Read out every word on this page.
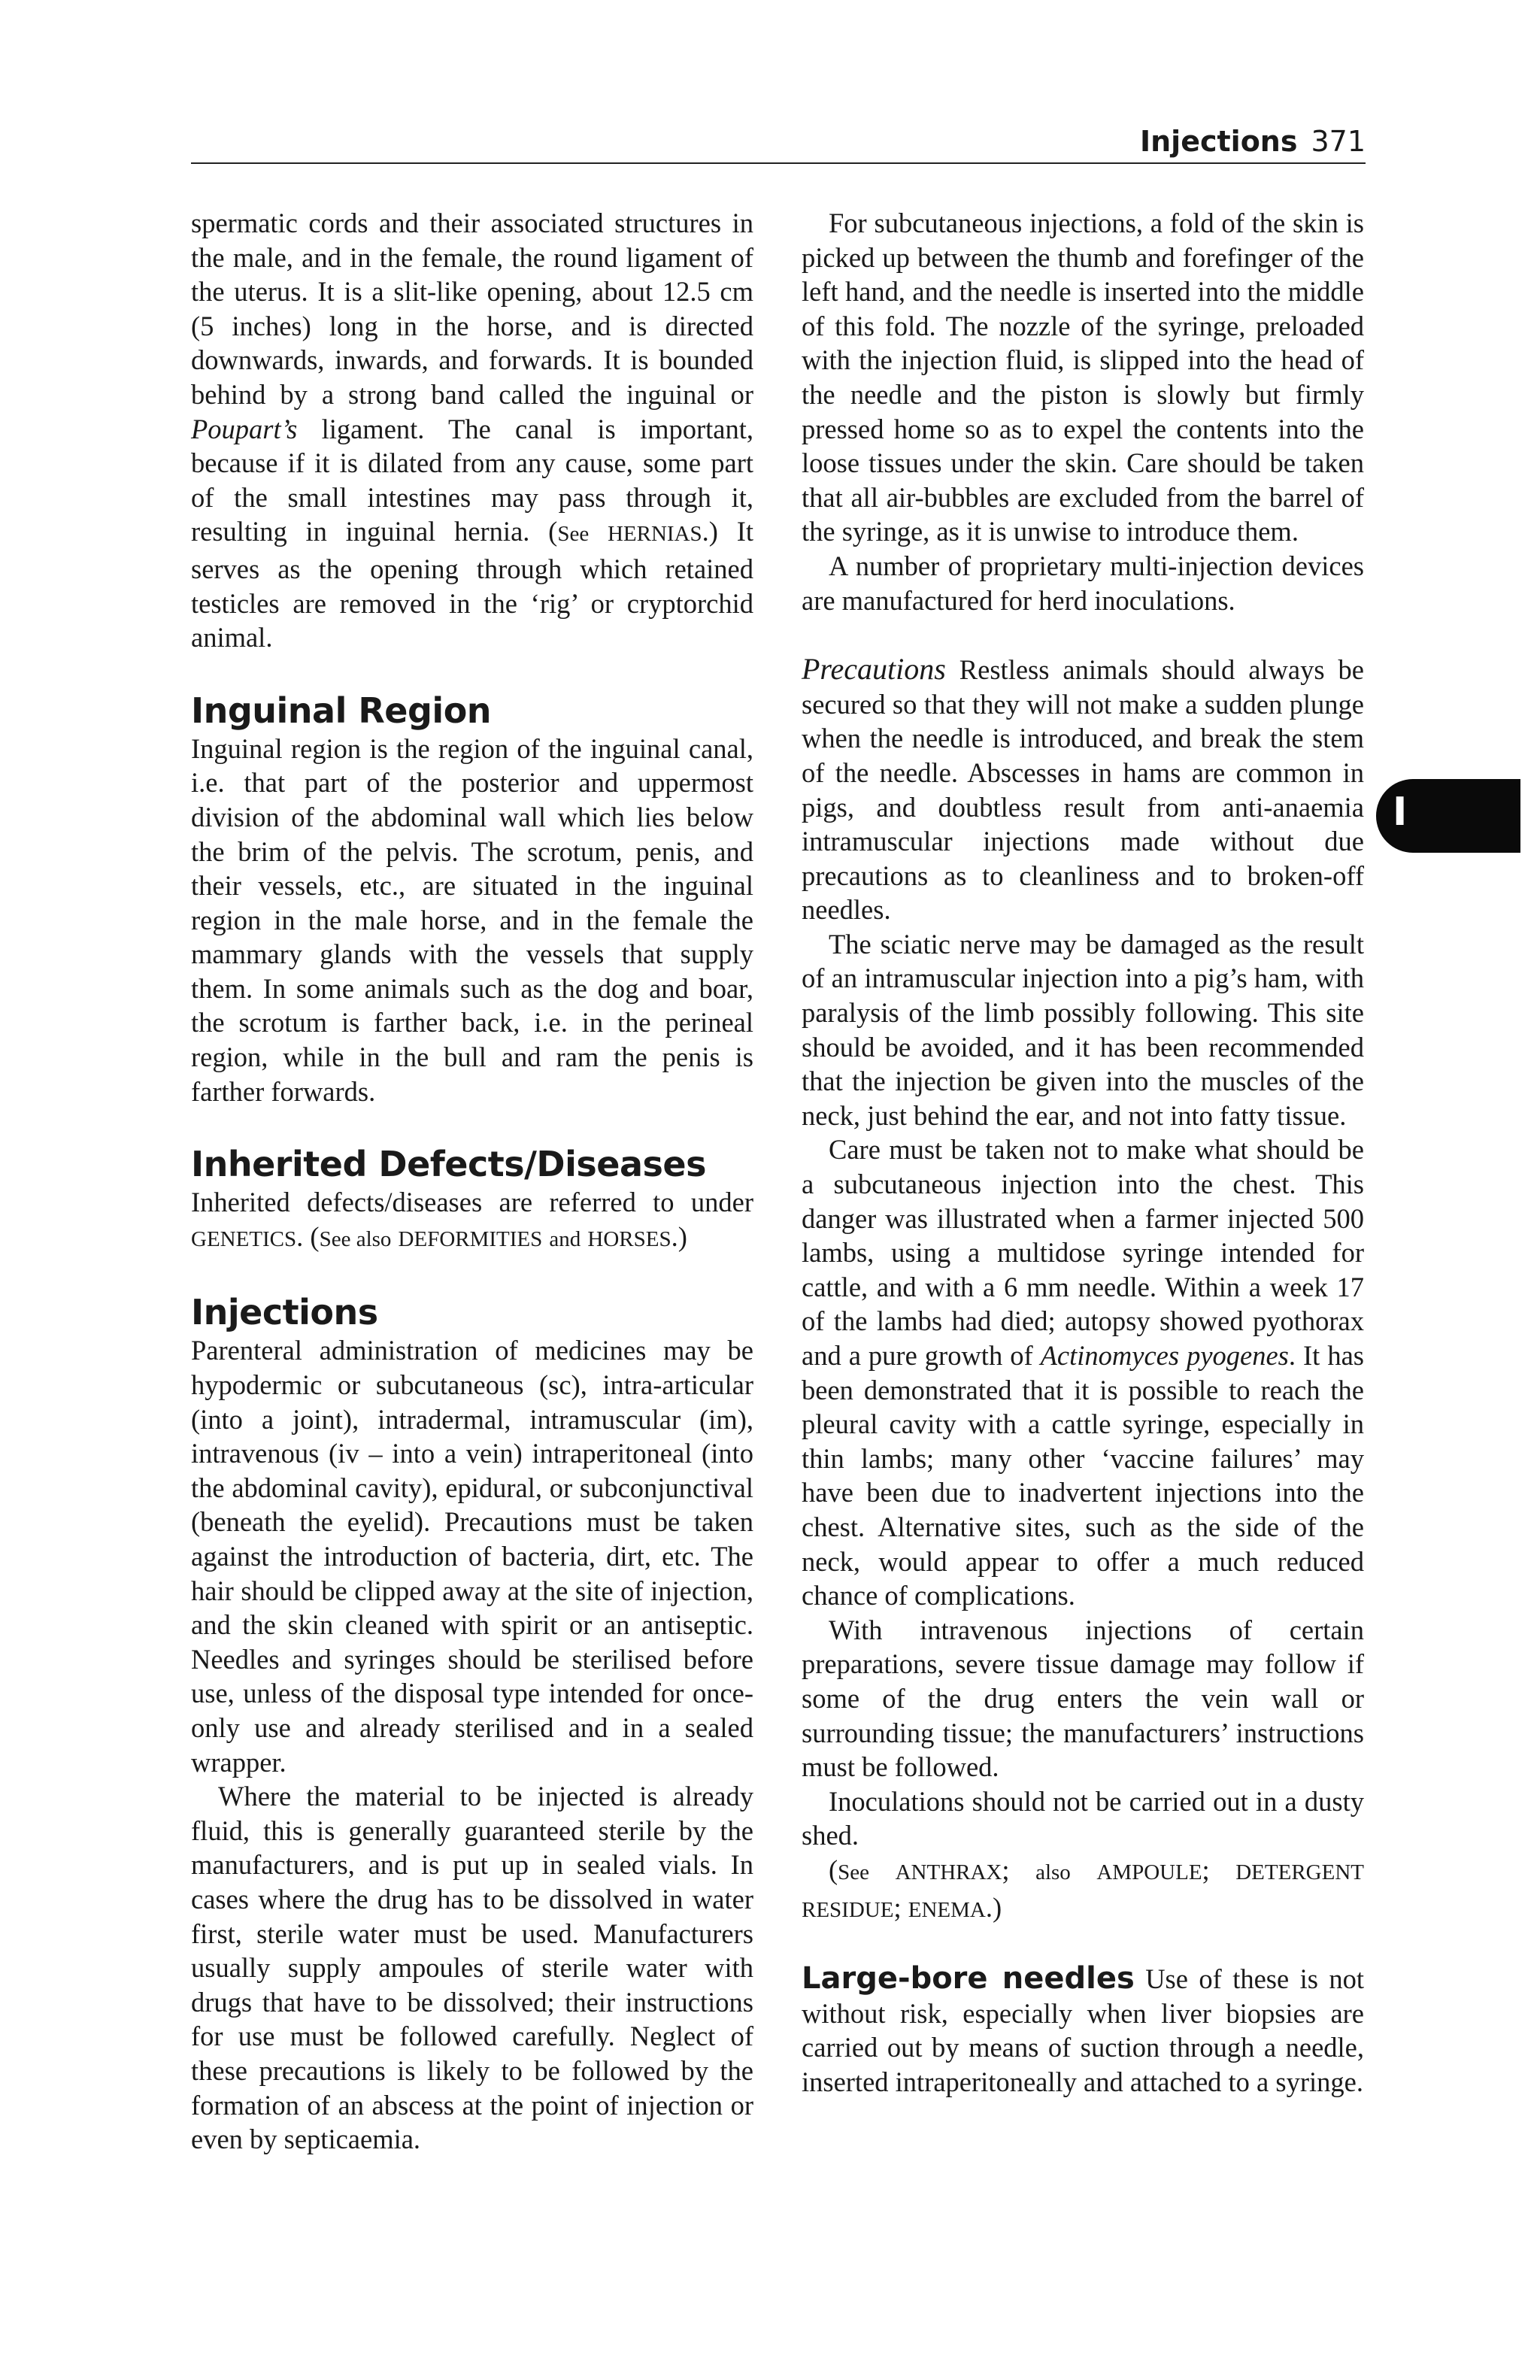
Injections 371
I

spermatic cords and their associated structures in the male, and in the female, the round ligament of the uterus. It is a slit-like opening, about 12.5 cm (5 inches) long in the horse, and is directed downwards, inwards, and forwards. It is bounded behind by a strong band called the inguinal or Poupart’s ligament. The canal is important, because if it is dilated from any cause, some part of the small intestines may pass through it, resulting in inguinal hernia. (See HERNIAS.) It serves as the opening through which retained testicles are removed in the ‘rig’ or cryptorchid animal.

Inguinal Region

Inguinal region is the region of the inguinal canal, i.e. that part of the posterior and uppermost division of the abdominal wall which lies below the brim of the pelvis. The scrotum, penis, and their vessels, etc., are situated in the inguinal region in the male horse, and in the female the mammary glands with the vessels that supply them. In some animals such as the dog and boar, the scrotum is farther back, i.e. in the perineal region, while in the bull and ram the penis is farther forwards.

Inherited Defects/Diseases

Inherited defects/diseases are referred to under GENETICS. (See also DEFORMITIES and HORSES.)

Injections

Parenteral administration of medicines may be hypodermic or subcutaneous (sc), intra-articular (into a joint), intradermal, intramuscular (im), intravenous (iv – into a vein) intraperitoneal (into the abdominal cavity), epidural, or subconjunctival (beneath the eyelid). Precautions must be taken against the introduction of bacteria, dirt, etc. The hair should be clipped away at the site of injection, and the skin cleaned with spirit or an antiseptic. Needles and syringes should be sterilised before use, unless of the disposal type intended for once-only use and already sterilised and in a sealed wrapper.

Where the material to be injected is already fluid, this is generally guaranteed sterile by the manufacturers, and is put up in sealed vials. In cases where the drug has to be dissolved in water first, sterile water must be used. Manufacturers usually supply ampoules of sterile water with drugs that have to be dissolved; their instructions for use must be followed carefully. Neglect of these precautions is likely to be followed by the formation of an abscess at the point of injection or even by septicaemia.

For subcutaneous injections, a fold of the skin is picked up between the thumb and forefinger of the left hand, and the needle is inserted into the middle of this fold. The nozzle of the syringe, preloaded with the injection fluid, is slipped into the head of the needle and the piston is slowly but firmly pressed home so as to expel the contents into the loose tissues under the skin. Care should be taken that all air-bubbles are excluded from the barrel of the syringe, as it is unwise to introduce them.

A number of proprietary multi-injection devices are manufactured for herd inoculations.

Precautions Restless animals should always be secured so that they will not make a sudden plunge when the needle is introduced, and break the stem of the needle. Abscesses in hams are common in pigs, and doubtless result from anti-anaemia intramuscular injections made without due precautions as to cleanliness and to broken-off needles.

The sciatic nerve may be damaged as the result of an intramuscular injection into a pig’s ham, with paralysis of the limb possibly following. This site should be avoided, and it has been recommended that the injection be given into the muscles of the neck, just behind the ear, and not into fatty tissue.

Care must be taken not to make what should be a subcutaneous injection into the chest. This danger was illustrated when a farmer injected 500 lambs, using a multidose syringe intended for cattle, and with a 6 mm needle. Within a week 17 of the lambs had died; autopsy showed pyothorax and a pure growth of Actinomyces pyogenes. It has been demonstrated that it is possible to reach the pleural cavity with a cattle syringe, especially in thin lambs; many other ‘vaccine failures’ may have been due to inadvertent injections into the chest. Alternative sites, such as the side of the neck, would appear to offer a much reduced chance of complications.

With intravenous injections of certain preparations, severe tissue damage may follow if some of the drug enters the vein wall or surrounding tissue; the manufacturers’ instructions must be followed.

Inoculations should not be carried out in a dusty shed.

(See ANTHRAX; also AMPOULE; DETERGENT RESIDUE; ENEMA.)

Large-bore needles Use of these is not without risk, especially when liver biopsies are carried out by means of suction through a needle, inserted intraperitoneally and attached to a syringe.
